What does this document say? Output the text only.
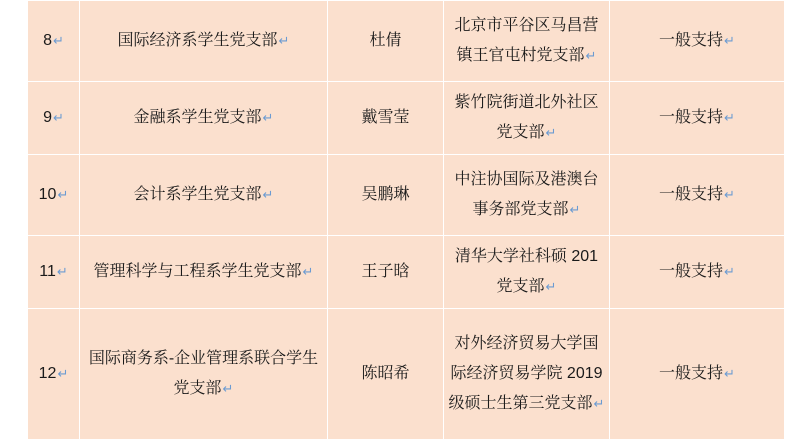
8↵	国际经济系学生党支部↵	杜倩	北京市平谷区马昌营镇王官屯村党支部↵	一般支持↵
9↵	金融系学生党支部↵	戴雪莹	紫竹院街道北外社区党支部↵	一般支持↵
10↵	会计系学生党支部↵	吴鹏琳	中注协国际及港澳台事务部党支部↵	一般支持↵
11↵	管理科学与工程系学生党支部↵	王子晗	清华大学社科硕 201 党支部↵	一般支持↵
12↵	国际商务系-企业管理系联合学生党支部↵	陈昭希	对外经济贸易大学国际经济贸易学院 2019 级硕士生第三党支部↵	一般支持↵
